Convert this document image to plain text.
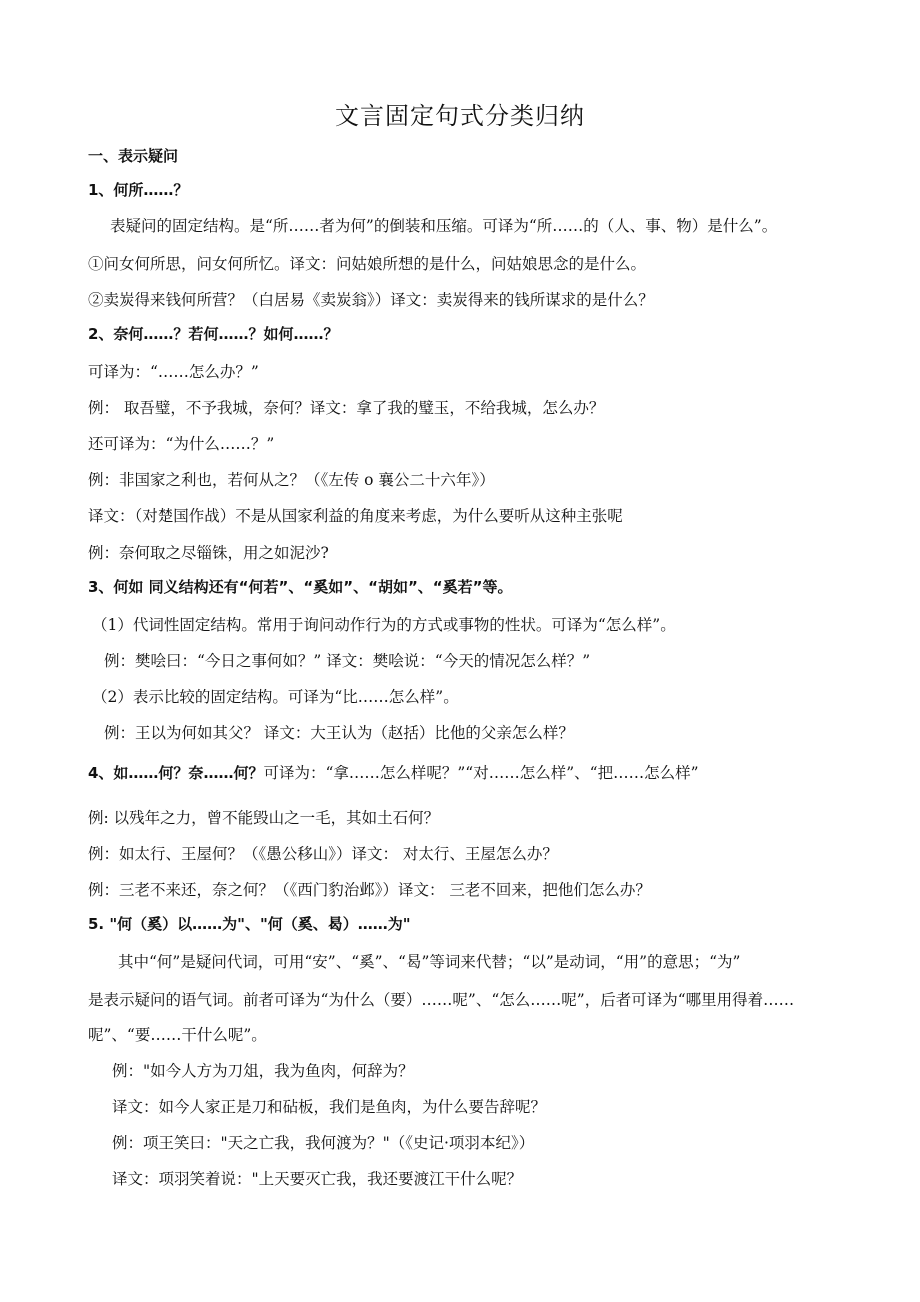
文言固定句式分类归纳
一、表示疑问
1、何所……？
表疑问的固定结构。是“所……者为何”的倒装和压缩。可译为“所……的（人、事、物）是什么”。
①问女何所思，问女何所忆。译文：问姑娘所想的是什么，问姑娘思念的是什么。
②卖炭得来钱何所营？（白居易《卖炭翁》）译文：卖炭得来的钱所谋求的是什么？
2、奈何……？若何……？如何……？
可译为：“……怎么办？”
例： 取吾璧，不予我城，奈何？译文：拿了我的璧玉，不给我城，怎么办？
还可译为：“为什么……？”
例：非国家之利也，若何从之？（《左传 o 襄公二十六年》）
译文：（对楚国作战）不是从国家利益的角度来考虑，为什么要听从这种主张呢
例：奈何取之尽锱铢，用之如泥沙?
3、何如 同义结构还有“何若”、“奚如”、“胡如”、“奚若”等。
（1）代词性固定结构。常用于询问动作行为的方式或事物的性状。可译为“怎么样”。
例：樊哙曰：“今日之事何如？” 译文：樊哙说：“今天的情况怎么样？”
（2）表示比较的固定结构。可译为“比……怎么样”。
例：王以为何如其父？ 译文：大王认为（赵括）比他的父亲怎么样？
4、如……何？奈……何？可译为：“拿……怎么样呢？”“对……怎么样”、“把……怎么样”
例: 以残年之力，曾不能毁山之一毛，其如土石何？
例：如太行、王屋何？（《愚公移山》）译文： 对太行、王屋怎么办？
例：三老不来还，奈之何？（《西门豹治邺》）译文： 三老不回来，把他们怎么办？
5. "何（奚）以……为"、"何（奚、曷）……为"
其中“何”是疑问代词，可用“安”、“奚”、“曷”等词来代替；“以”是动词，“用”的意思；“为”
是表示疑问的语气词。前者可译为“为什么（要）……呢”、“怎么……呢”，后者可译为“哪里用得着……
呢”、“要……干什么呢”。
例："如今人方为刀俎，我为鱼肉，何辞为？
译文：如今人家正是刀和砧板，我们是鱼肉，为什么要告辞呢？
例：项王笑曰："天之亡我，我何渡为？"（《史记·项羽本纪》）
译文：项羽笑着说："上天要灭亡我，我还要渡江干什么呢？
